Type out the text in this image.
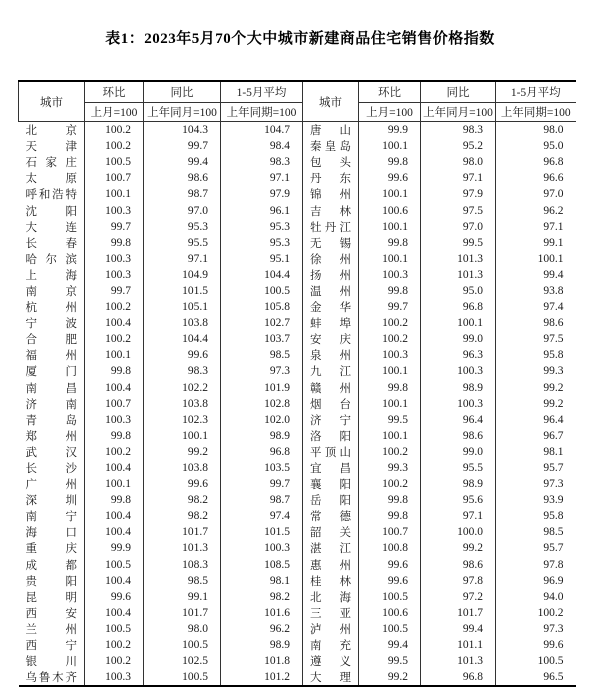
表1：2023年5月70个大中城市新建商品住宅销售价格指数
城市	环比	同比	1-5月平均	城市	环比	同比	1-5月平均
	上月=100	上年同月=100	上年同期=100		上月=100	上年同月=100	上年同期=100
北京	100.2	104.3	104.7	唐山	99.9	98.3	98.0
天津	100.2	99.7	98.4	秦皇岛	100.1	95.2	95.0
石家庄	100.5	99.4	98.3	包头	99.8	98.0	96.8
太原	100.7	98.6	97.1	丹东	99.6	97.1	96.6
呼和浩特	100.1	98.7	97.9	锦州	100.1	97.9	97.0
沈阳	100.3	97.0	96.1	吉林	100.6	97.5	96.2
大连	99.7	95.3	95.3	牡丹江	100.1	97.0	97.1
长春	99.8	95.5	95.3	无锡	99.8	99.5	99.1
哈尔滨	100.3	97.1	95.1	徐州	100.1	101.3	100.1
上海	100.3	104.9	104.4	扬州	100.3	101.3	99.4
南京	99.7	101.5	100.5	温州	99.8	95.0	93.8
杭州	100.2	105.1	105.8	金华	99.7	96.8	97.4
宁波	100.4	103.8	102.7	蚌埠	100.2	100.1	98.6
合肥	100.2	104.4	103.7	安庆	100.2	99.0	97.5
福州	100.1	99.6	98.5	泉州	100.3	96.3	95.8
厦门	99.8	98.3	97.3	九江	100.1	100.3	99.3
南昌	100.4	102.2	101.9	赣州	99.8	98.9	99.2
济南	100.7	103.8	102.8	烟台	100.1	100.3	99.2
青岛	100.3	102.3	102.0	济宁	99.5	96.4	96.4
郑州	99.8	100.1	98.9	洛阳	100.1	98.6	96.7
武汉	100.2	99.2	96.8	平顶山	100.2	99.0	98.1
长沙	100.4	103.8	103.5	宜昌	99.3	95.5	95.7
广州	100.1	99.6	99.7	襄阳	100.2	98.9	97.3
深圳	99.8	98.2	98.7	岳阳	99.8	95.6	93.9
南宁	100.4	98.2	97.4	常德	99.8	97.1	95.8
海口	100.4	101.7	101.5	韶关	100.7	100.0	98.5
重庆	99.9	101.3	100.3	湛江	100.8	99.2	95.7
成都	100.5	108.3	108.5	惠州	99.6	98.6	97.8
贵阳	100.4	98.5	98.1	桂林	99.6	97.8	96.9
昆明	99.6	99.1	98.2	北海	100.5	97.2	94.0
西安	100.4	101.7	101.6	三亚	100.6	101.7	100.2
兰州	100.5	98.0	96.2	泸州	100.5	99.4	97.3
西宁	100.2	100.5	98.9	南充	99.4	101.1	99.6
银川	100.2	102.5	101.8	遵义	99.5	101.3	100.5
乌鲁木齐	100.3	100.5	101.2	大理	99.2	96.8	96.5
